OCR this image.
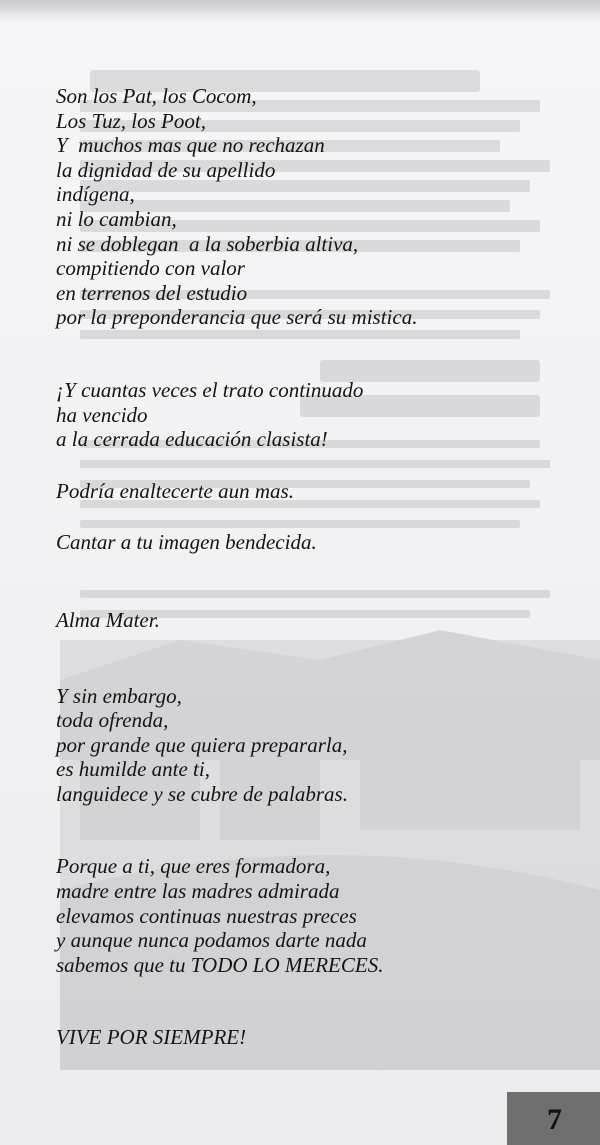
Son los Pat, los Cocom,
Los Tuz, los Poot,
Y  muchos mas que no rechazan
la dignidad de su apellido
indígena,
ni lo cambian,
ni se doblegan  a la soberbia altiva,
compitiendo con valor
en terrenos del estudio
por la preponderancia que será su mistica.

¡Y cuantas veces el trato continuado
ha vencido
a la cerrada educación clasista!

Podría enaltecerte aun mas.

Cantar a tu imagen bendecida.

Alma Mater.

Y sin embargo,
toda ofrenda,
por grande que quiera prepararla,
es humilde ante ti,
languidece y se cubre de palabras.

Porque a ti, que eres formadora,
madre entre las madres admirada
elevamos continuas nuestras preces
y aunque nunca podamos darte nada
sabemos que tu TODO LO MERECES.

VIVE POR SIEMPRE!

7
